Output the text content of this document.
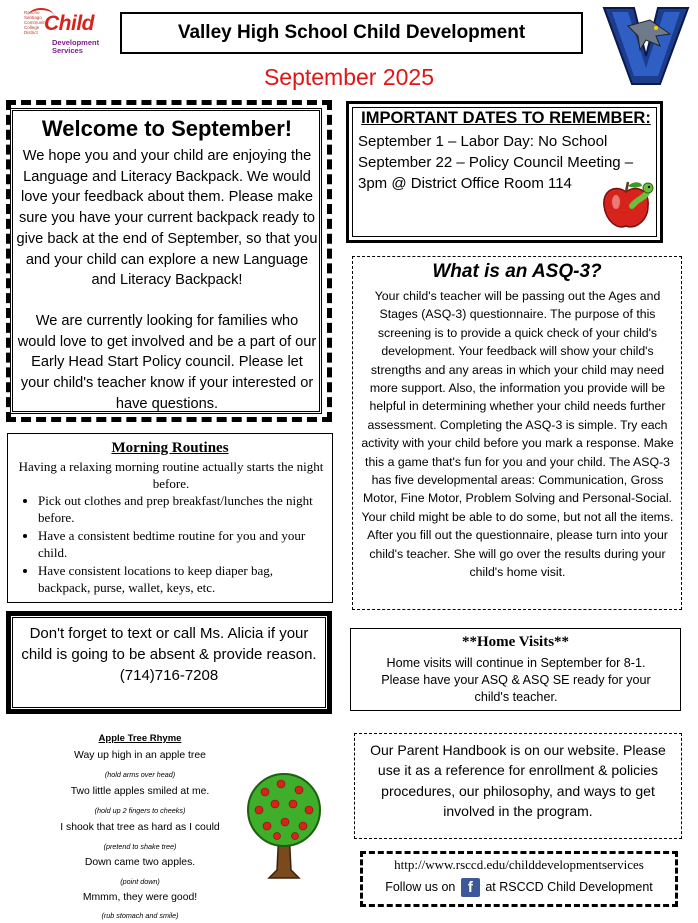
Rancho Santiago Community College District Child
Development Services
Valley High School Child Development
September 2025
Welcome to September!
We hope you and your child are enjoying the Language and Literacy Backpack. We would love your feedback about them. Please make sure you have your current backpack ready to give back at the end of September, so that you and your child can explore a new Language and Literacy Backpack!
We are currently looking for families who would love to get involved and be a part of our Early Head Start Policy council. Please let your child's teacher know if your interested or have questions.
IMPORTANT DATES TO REMEMBER:
September 1 – Labor Day: No School
September 22 – Policy Council Meeting –
3pm @ District Office Room 114
What is an ASQ-3?
Your child's teacher will be passing out the Ages and Stages (ASQ-3) questionnaire. The purpose of this screening is to provide a quick check of your child's development. Your feedback will show your child's strengths and any areas in which your child may need more support. Also, the information you provide will be helpful in determining whether your child needs further assessment. Completing the ASQ-3 is simple. Try each activity with your child before you mark a response. Make this a game that's fun for you and your child. The ASQ-3 has five developmental areas: Communication, Gross Motor, Fine Motor, Problem Solving and Personal-Social. Your child might be able to do some, but not all the items. After you fill out the questionnaire, please turn into your child's teacher. She will go over the results during your child's home visit.
Morning Routines
Having a relaxing morning routine actually starts the night before.
• Pick out clothes and prep breakfast/lunches the night before.
• Have a consistent bedtime routine for you and your child.
• Have consistent locations to keep diaper bag, backpack, purse, wallet, keys, etc.
Don't forget to text or call Ms. Alicia if your child is going to be absent & provide reason.
(714)716-7208
**Home Visits**
Home visits will continue in September for 8-1. Please have your ASQ & ASQ SE ready for your child's teacher.
Our Parent Handbook is on our website. Please use it as a reference for enrollment & policies procedures, our philosophy, and ways to get involved in the program.
http://www.rsccd.edu/childdevelopmentservices
Follow us on f at RSCCD Child Development
Apple Tree Rhyme
Way up high in an apple tree
(hold arms over head)
Two little apples smiled at me.
(hold up 2 fingers to cheeks)
I shook that tree as hard as I could
(pretend to shake tree)
Down came two apples.
(point down)
Mmmm, they were good!
(rub stomach and smile)
